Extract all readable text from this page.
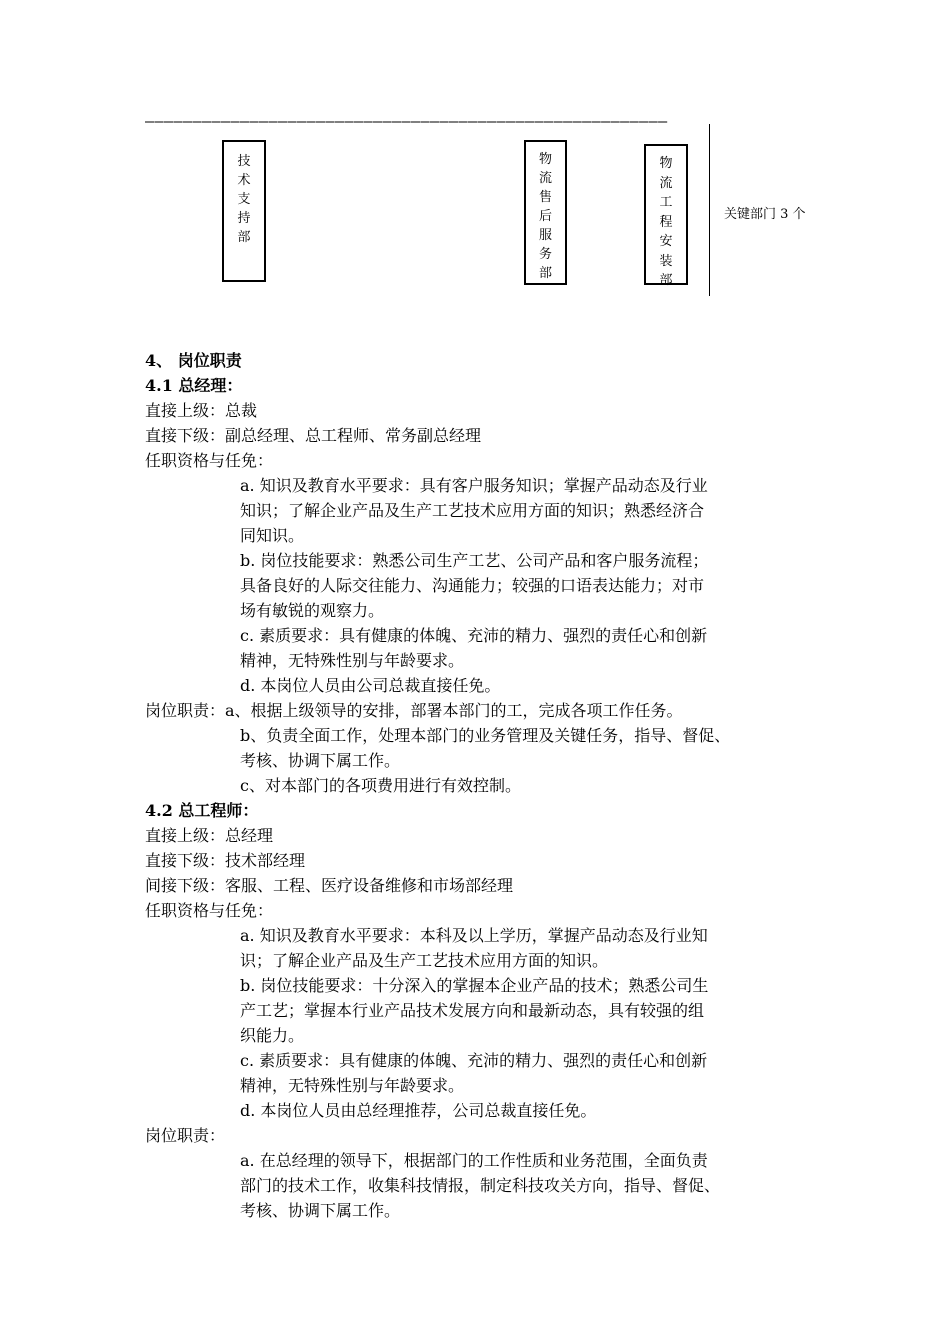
———————————————————————————————————————————————————————
技
术
支
持
部
物
流
售
后
服
务
部
物
流
工
程
安
装
部
关键部门 3 个
4、 岗位职责
4.1 总经理：
直接上级：总裁
直接下级：副总经理、总工程师、常务副总经理
任职资格与任免：
a. 知识及教育水平要求：具有客户服务知识；掌握产品动态及行业
知识；了解企业产品及生产工艺技术应用方面的知识；熟悉经济合
同知识。
b. 岗位技能要求：熟悉公司生产工艺、公司产品和客户服务流程；
具备良好的人际交往能力、沟通能力；较强的口语表达能力；对市
场有敏锐的观察力。
c. 素质要求：具有健康的体魄、充沛的精力、强烈的责任心和创新
精神，无特殊性别与年龄要求。
d. 本岗位人员由公司总裁直接任免。
岗位职责：a、根据上级领导的安排，部署本部门的工，完成各项工作任务。
b、负责全面工作，处理本部门的业务管理及关键任务，指导、督促、
考核、协调下属工作。
c、对本部门的各项费用进行有效控制。
4.2 总工程师：
直接上级：总经理
直接下级：技术部经理
间接下级：客服、工程、医疗设备维修和市场部经理
任职资格与任免：
a. 知识及教育水平要求：本科及以上学历，掌握产品动态及行业知
识；了解企业产品及生产工艺技术应用方面的知识。
b. 岗位技能要求：十分深入的掌握本企业产品的技术；熟悉公司生
产工艺；掌握本行业产品技术发展方向和最新动态，具有较强的组
织能力。
c. 素质要求：具有健康的体魄、充沛的精力、强烈的责任心和创新
精神，无特殊性别与年龄要求。
d. 本岗位人员由总经理推荐，公司总裁直接任免。
岗位职责：
a. 在总经理的领导下，根据部门的工作性质和业务范围，全面负责
部门的技术工作，收集科技情报，制定科技攻关方向，指导、督促、
考核、协调下属工作。
